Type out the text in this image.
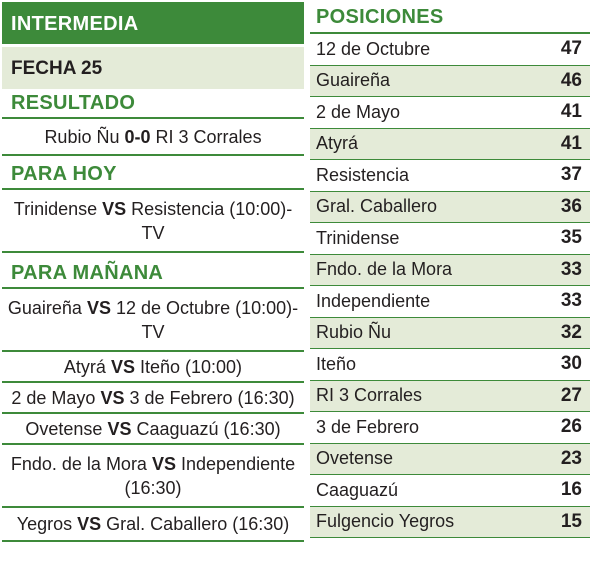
INTERMEDIA
FECHA 25
RESULTADO
Rubio Ñu 0-0 RI 3 Corrales
PARA HOY
Trinidense VS Resistencia (10:00)-TV
PARA MAÑANA
Guaireña VS 12 de Octubre (10:00)-TV
Atyrá VS Iteño (10:00)
2 de Mayo VS 3 de Febrero (16:30)
Ovetense VS Caaguazú (16:30)
Fndo. de la Mora VS Independiente (16:30)
Yegros VS Gral. Caballero (16:30)
POSICIONES
12 de Octubre	47
Guaireña	46
2 de Mayo	41
Atyrá	41
Resistencia	37
Gral. Caballero	36
Trinidense	35
Fndo. de la Mora	33
Independiente	33
Rubio Ñu	32
Iteño	30
RI 3 Corrales	27
3 de Febrero	26
Ovetense	23
Caaguazú	16
Fulgencio Yegros	15
